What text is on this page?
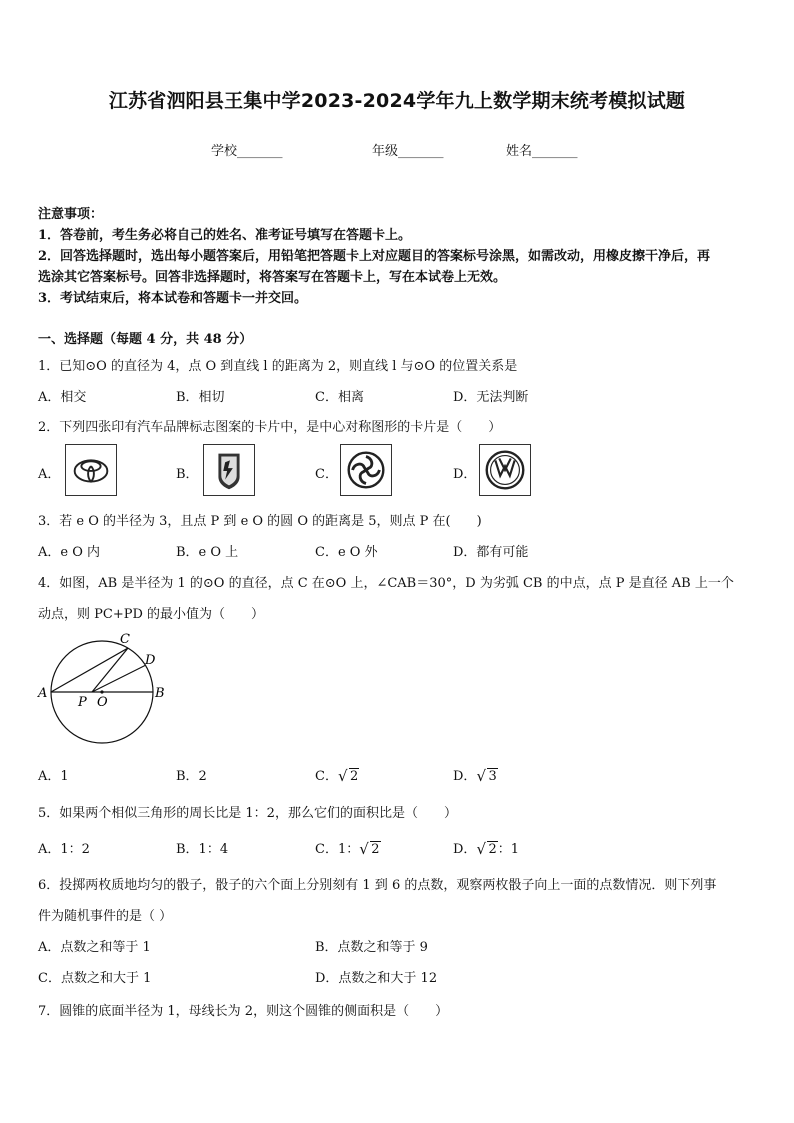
江苏省泗阳县王集中学2023-2024学年九上数学期末统考模拟试题
学校_______	年级_______	姓名_______
注意事项：
1．答卷前，考生务必将自己的姓名、准考证号填写在答题卡上。
2．回答选择题时，选出每小题答案后，用铅笔把答题卡上对应题目的答案标号涂黑，如需改动，用橡皮擦干净后，再
选涂其它答案标号。回答非选择题时，将答案写在答题卡上，写在本试卷上无效。
3．考试结束后，将本试卷和答题卡一并交回。
一、选择题（每题 4 分，共 48 分）
1．已知⊙O 的直径为 4，点 O 到直线 l 的距离为 2，则直线 l 与⊙O 的位置关系是
A．相交	B．相切	C．相离	D．无法判断
2．下列四张印有汽车品牌标志图案的卡片中，是中心对称图形的卡片是（　　）
A．	B．	C．	D．
3．若 e O 的半径为 3，且点 P 到 e O 的圆 O 的距离是 5，则点 P 在(　　)
A．e O 内	B．e O 上	C．e O 外	D．都有可能
4．如图，AB 是半径为 1 的⊙O 的直径，点 C 在⊙O 上，∠CAB＝30°，D 为劣弧 CB 的中点，点 P 是直径 AB 上一个
动点，则 PC+PD 的最小值为（　　）
A	B
C
D
P O
A．1	B．2	C． √ 2	D． √ 3
5．如果两个相似三角形的周长比是 1：2，那么它们的面积比是（　　）
A．1：2	B．1：4	C．1： √ 2	D． √ 2：1
6．投掷两枚质地均匀的骰子，骰子的六个面上分别刻有 1 到 6 的点数，观察两枚骰子向上一面的点数情况．则下列事
件为随机事件的是（ ）
A．点数之和等于 1	B．点数之和等于 9
C．点数之和大于 1	D．点数之和大于 12
7．圆锥的底面半径为 1，母线长为 2，则这个圆锥的侧面积是（　　）
